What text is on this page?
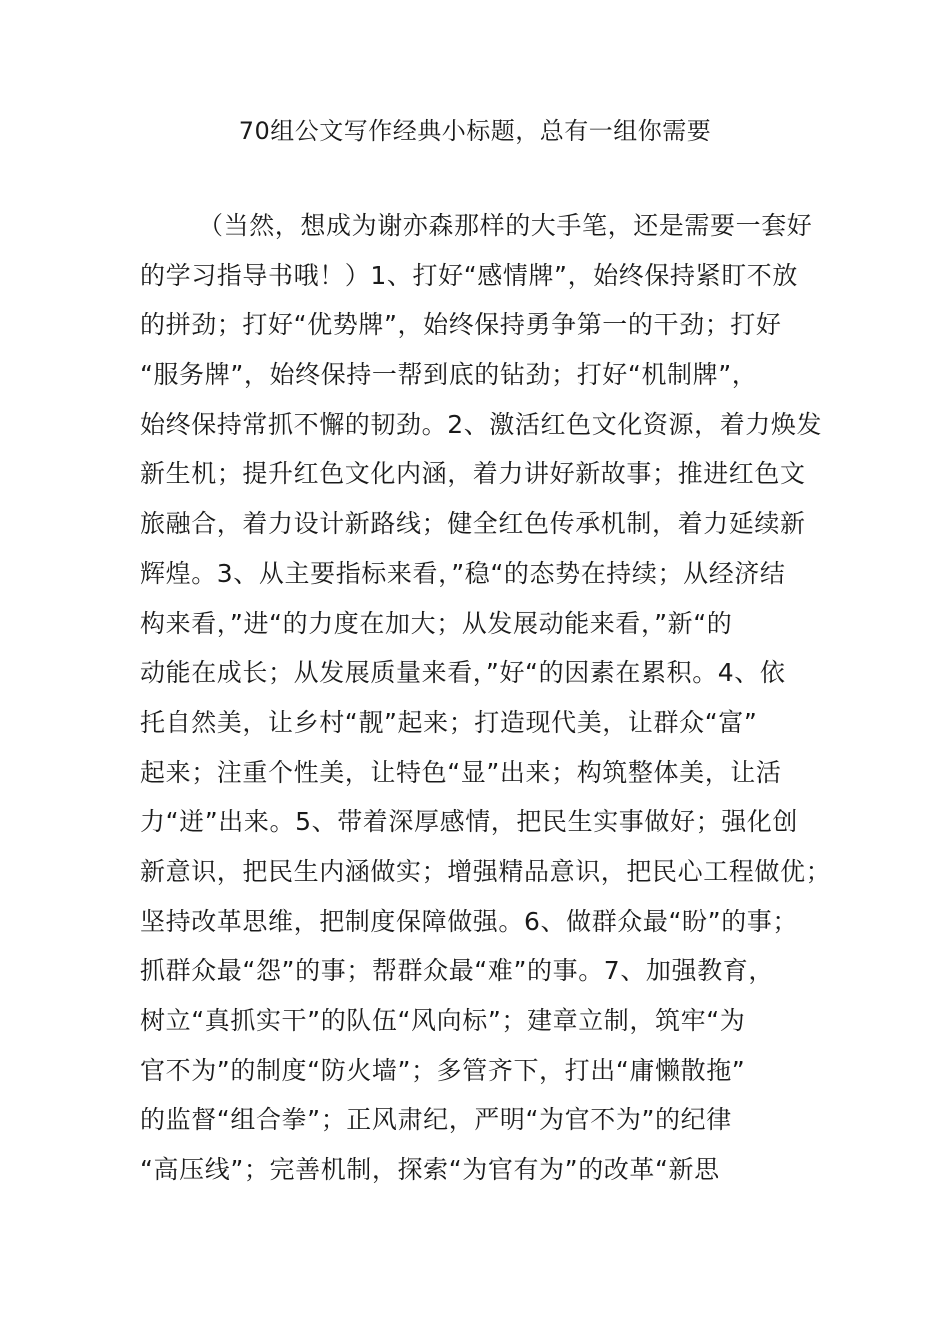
70组公文写作经典小标题，总有一组你需要
（当然，想成为谢亦森那样的大手笔，还是需要一套好
的学习指导书哦！）1、打好“感情牌”，始终保持紧盯不放
的拼劲；打好“优势牌”，始终保持勇争第一的干劲；打好
“服务牌”，始终保持一帮到底的钻劲；打好“机制牌”，
始终保持常抓不懈的韧劲。2、激活红色文化资源，着力焕发
新生机；提升红色文化内涵，着力讲好新故事；推进红色文
旅融合，着力设计新路线；健全红色传承机制，着力延续新
辉煌。3、从主要指标来看，”稳“的态势在持续；从经济结
构来看，”进“的力度在加大；从发展动能来看，”新“的
动能在成长；从发展质量来看，”好“的因素在累积。4、依
托自然美，让乡村“靓”起来；打造现代美，让群众“富”
起来；注重个性美，让特色“显”出来；构筑整体美，让活
力“迸”出来。5、带着深厚感情，把民生实事做好；强化创
新意识，把民生内涵做实；增强精品意识，把民心工程做优；
坚持改革思维，把制度保障做强。6、做群众最“盼”的事；
抓群众最“怨”的事；帮群众最“难”的事。7、加强教育，
树立“真抓实干”的队伍“风向标”；建章立制，筑牢“为
官不为”的制度“防火墙”；多管齐下，打出“庸懒散拖”
的监督“组合拳”；正风肃纪，严明“为官不为”的纪律
“高压线”；完善机制，探索“为官有为”的改革“新思
